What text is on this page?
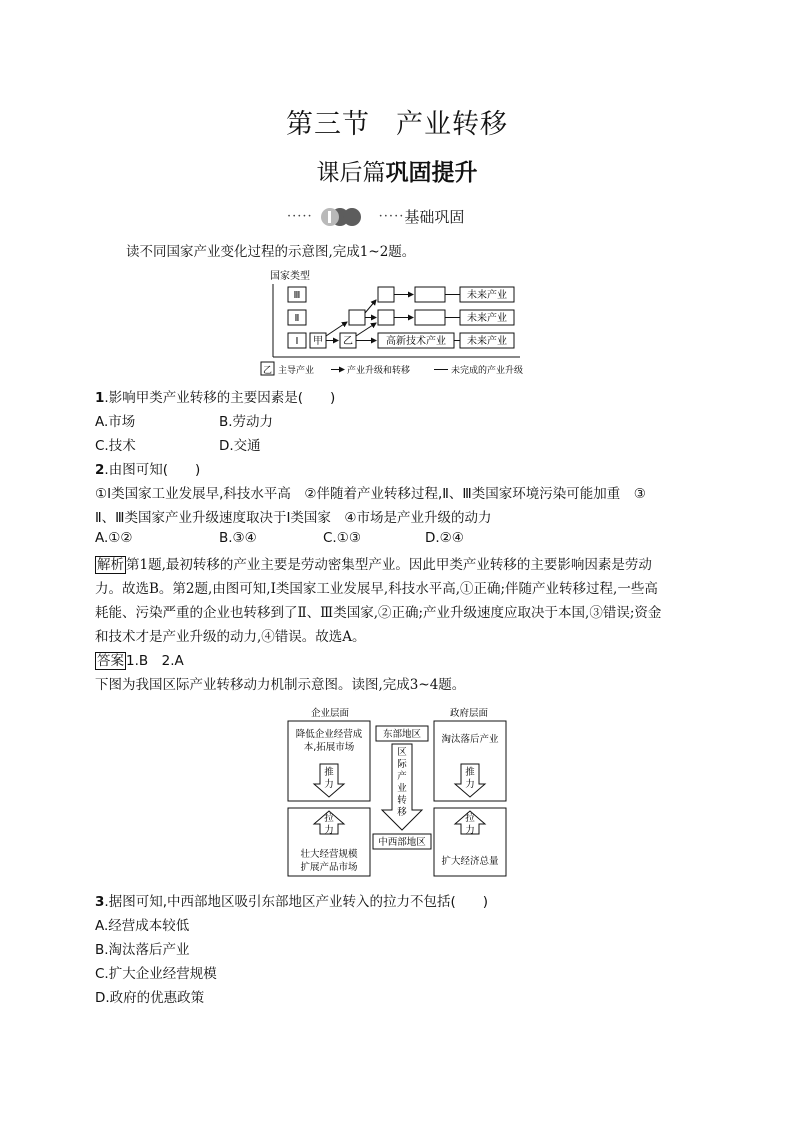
第三节 产业转移
课后篇巩固提升
·····	····· 基础巩固
读不同国家产业变化过程的示意图,完成1~2题。
国家类型
Ⅲ
Ⅱ
Ⅰ 甲 乙	高新技术产业 未来产业
未来产业
未来产业
乙 主导产业	产业升级和转移	未完成的产业升级
1.影响甲类产业转移的主要因素是(　　)
A.市场	B.劳动力
C.技术	D.交通
2.由图可知(　　)
①Ⅰ类国家工业发展早,科技水平高　②伴随着产业转移过程,Ⅱ、Ⅲ类国家环境污染可能加重　③
Ⅱ、Ⅲ类国家产业升级速度取决于Ⅰ类国家　④市场是产业升级的动力
A.①②	B.③④	C.①③	D.②④
解析 第1题,最初转移的产业主要是劳动密集型产业。因此甲类产业转移的主要影响因素是劳动
力。故选B。第2题,由图可知,Ⅰ类国家工业发展早,科技水平高,①正确;伴随产业转移过程,一些高
耗能、污染严重的企业也转移到了Ⅱ、Ⅲ类国家,②正确;产业升级速度应取决于本国,③错误;资金
和技术才是产业升级的动力,④错误。故选A。
答案 1.B　2.A
下图为我国区际产业转移动力机制示意图。读图,完成3~4题。
企业层面	政府层面
降低企业经营成
本,拓展市场
推
力
拉
力
壮大经营规模
扩展产品市场
东部地区
区
际
产
业
转
移
中西部地区
淘汰落后产业
推
力
拉
力
扩大经济总量
3.据图可知,中西部地区吸引东部地区产业转入的拉力不包括(　　)
A.经营成本较低
B.淘汰落后产业
C.扩大企业经营规模
D.政府的优惠政策
